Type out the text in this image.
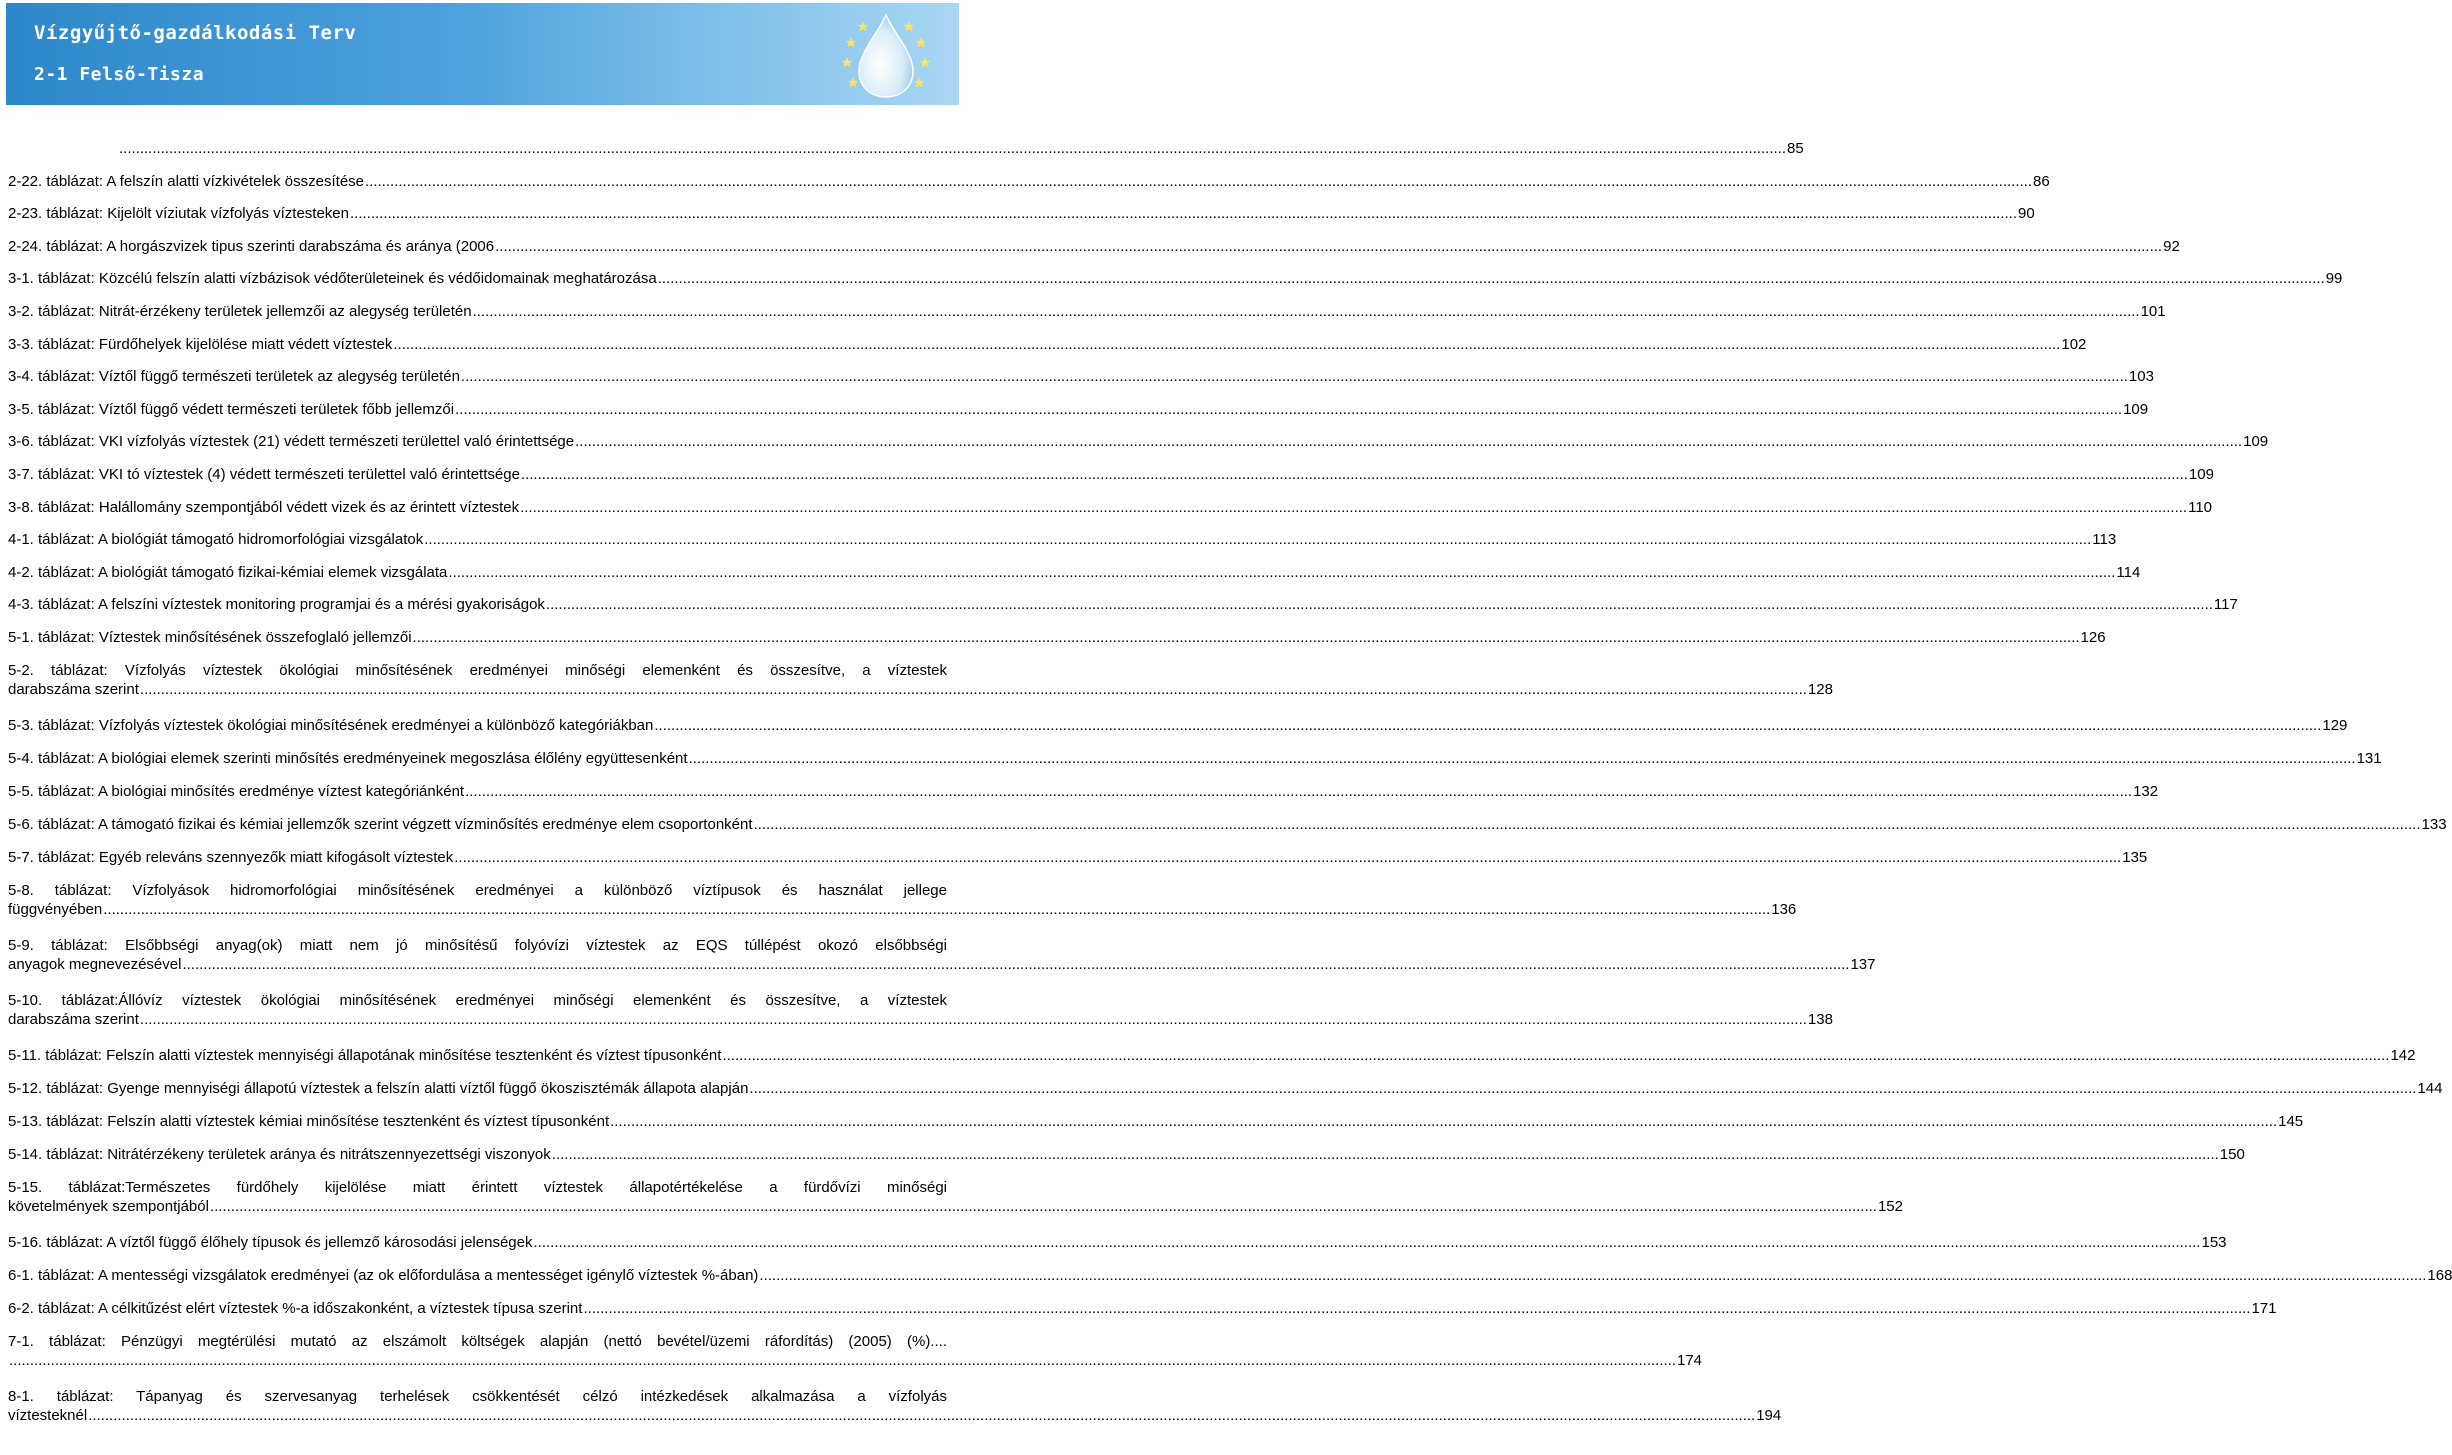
Vízgyűjtő-gazdálkodási Terv
2-1 Felső-Tisza
................................................................................................................................................................................................................................................................................................................................................................................................................ 85
2-22. táblázat: A felszín alatti vízkivételek összesítése ................................................................................................................................................................................................................................................................................................................................................................................................................ 86
2-23. táblázat: Kijelölt víziutak vízfolyás víztesteken ................................................................................................................................................................................................................................................................................................................................................................................................................ 90
2-24. táblázat: A horgászvizek tipus szerinti darabszáma és aránya (2006 ................................................................................................................................................................................................................................................................................................................................................................................................................ 92
3-1. táblázat: Közcélú felszín alatti vízbázisok védőterületeinek és védőidomainak meghatározása ................................................................................................................................................................................................................................................................................................................................................................................................................ 99
3-2. táblázat: Nitrát-érzékeny területek jellemzői az alegység területén ................................................................................................................................................................................................................................................................................................................................................................................................................ 101
3-3. táblázat: Fürdőhelyek kijelölése miatt védett víztestek ................................................................................................................................................................................................................................................................................................................................................................................................................ 102
3-4. táblázat: Víztől függő természeti területek az alegység területén ................................................................................................................................................................................................................................................................................................................................................................................................................ 103
3-5. táblázat: Víztől függő védett természeti területek főbb jellemzői ................................................................................................................................................................................................................................................................................................................................................................................................................ 109
3-6. táblázat: VKI vízfolyás víztestek (21) védett természeti területtel való érintettsége ................................................................................................................................................................................................................................................................................................................................................................................................................ 109
3-7. táblázat: VKI tó víztestek (4) védett természeti területtel való érintettsége ................................................................................................................................................................................................................................................................................................................................................................................................................ 109
3-8. táblázat: Halállomány szempontjából védett vizek és az érintett víztestek ................................................................................................................................................................................................................................................................................................................................................................................................................ 110
4-1. táblázat: A biológiát támogató hidromorfológiai vizsgálatok ................................................................................................................................................................................................................................................................................................................................................................................................................ 113
4-2. táblázat: A biológiát támogató fizikai-kémiai elemek vizsgálata ................................................................................................................................................................................................................................................................................................................................................................................................................ 114
4-3. táblázat: A felszíni víztestek monitoring programjai és a mérési gyakoriságok ................................................................................................................................................................................................................................................................................................................................................................................................................ 117
5-1. táblázat: Víztestek minősítésének összefoglaló jellemzői ................................................................................................................................................................................................................................................................................................................................................................................................................ 126
5-2. táblázat: Vízfolyás víztestek ökológiai minősítésének eredményei minőségi elemenként és összesítve, a víztestek
darabszáma szerint ................................................................................................................................................................................................................................................................................................................................................................................................................ 128
5-3. táblázat: Vízfolyás víztestek ökológiai minősítésének eredményei a különböző kategóriákban ................................................................................................................................................................................................................................................................................................................................................................................................................ 129
5-4. táblázat: A biológiai elemek szerinti minősítés eredményeinek megoszlása élőlény együttesenként ................................................................................................................................................................................................................................................................................................................................................................................................................ 131
5-5. táblázat: A biológiai minősítés eredménye víztest kategóriánként ................................................................................................................................................................................................................................................................................................................................................................................................................ 132
5-6. táblázat: A támogató fizikai és kémiai jellemzők szerint végzett vízminősítés eredménye elem csoportonként ................................................................................................................................................................................................................................................................................................................................................................................................................ 133
5-7. táblázat: Egyéb releváns szennyezők miatt kifogásolt víztestek ................................................................................................................................................................................................................................................................................................................................................................................................................ 135
5-8. táblázat: Vízfolyások hidromorfológiai minősítésének eredményei a különböző víztípusok és használat jellege
függvényében ................................................................................................................................................................................................................................................................................................................................................................................................................ 136
5-9. táblázat: Elsőbbségi anyag(ok) miatt nem jó minősítésű folyóvízi víztestek az EQS túllépést okozó elsőbbségi
anyagok megnevezésével ................................................................................................................................................................................................................................................................................................................................................................................................................ 137
5-10. táblázat:Állóvíz víztestek ökológiai minősítésének eredményei minőségi elemenként és összesítve, a víztestek
darabszáma szerint ................................................................................................................................................................................................................................................................................................................................................................................................................ 138
5-11. táblázat: Felszín alatti víztestek mennyiségi állapotának minősítése tesztenként és víztest típusonként ................................................................................................................................................................................................................................................................................................................................................................................................................ 142
5-12. táblázat: Gyenge mennyiségi állapotú víztestek a felszín alatti víztől függő ökoszisztémák állapota alapján ................................................................................................................................................................................................................................................................................................................................................................................................................ 144
5-13. táblázat: Felszín alatti víztestek kémiai minősítése tesztenként és víztest típusonként ................................................................................................................................................................................................................................................................................................................................................................................................................ 145
5-14. táblázat: Nitrátérzékeny területek aránya és nitrátszennyezettségi viszonyok ................................................................................................................................................................................................................................................................................................................................................................................................................ 150
5-15. táblázat:Természetes fürdőhely kijelölése miatt érintett víztestek állapotértékelése a fürdővízi minőségi
követelmények szempontjából ................................................................................................................................................................................................................................................................................................................................................................................................................ 152
5-16. táblázat: A víztől függő élőhely típusok és jellemző károsodási jelenségek ................................................................................................................................................................................................................................................................................................................................................................................................................ 153
6-1. táblázat: A mentességi vizsgálatok eredményei (az ok előfordulása a mentességet igénylő víztestek %-ában) ................................................................................................................................................................................................................................................................................................................................................................................................................ 168
6-2. táblázat: A célkitűzést elért víztestek %-a időszakonként, a víztestek típusa szerint ................................................................................................................................................................................................................................................................................................................................................................................................................ 171
7-1. táblázat: Pénzügyi megtérülési mutató az elszámolt költségek alapján (nettó bevétel/üzemi ráfordítás) (2005) (%)....
................................................................................................................................................................................................................................................................................................................................................................................................................ 174
8-1. táblázat: Tápanyag és szervesanyag terhelések csökkentését célzó intézkedések alkalmazása a vízfolyás
víztesteknél ................................................................................................................................................................................................................................................................................................................................................................................................................ 194
